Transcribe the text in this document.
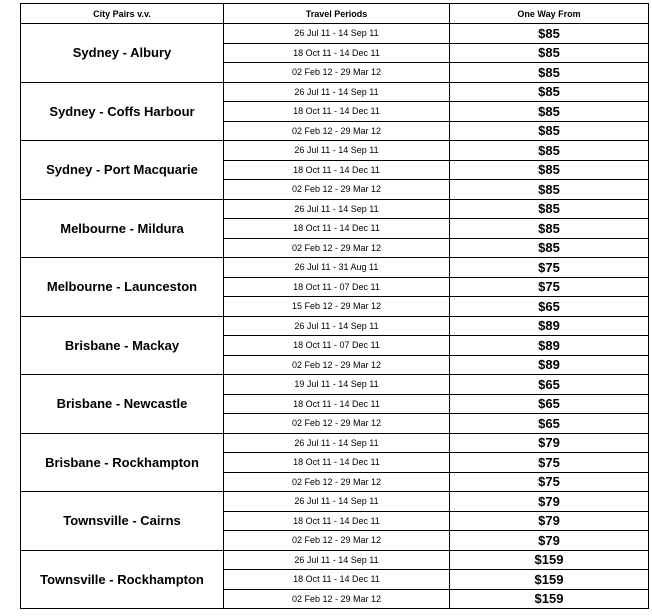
City Pairs v.v.	Travel Periods	One Way From
Sydney - Albury	26 Jul 11 - 14 Sep 11	$85
	18 Oct 11 - 14 Dec 11	$85
	02 Feb 12 - 29 Mar 12	$85
Sydney - Coffs Harbour	26 Jul 11 - 14 Sep 11	$85
	18 Oct 11 - 14 Dec 11	$85
	02 Feb 12 - 29 Mar 12	$85
Sydney - Port Macquarie	26 Jul 11 - 14 Sep 11	$85
	18 Oct 11 - 14 Dec 11	$85
	02 Feb 12 - 29 Mar 12	$85
Melbourne - Mildura	26 Jul 11 - 14 Sep 11	$85
	18 Oct 11 - 14 Dec 11	$85
	02 Feb 12 - 29 Mar 12	$85
Melbourne - Launceston	26 Jul 11 - 31 Aug 11	$75
	18 Oct 11 - 07 Dec 11	$75
	15 Feb 12 - 29 Mar 12	$65
Brisbane - Mackay	26 Jul 11 - 14 Sep 11	$89
	18 Oct 11 - 07 Dec 11	$89
	02 Feb 12 - 29 Mar 12	$89
Brisbane - Newcastle	19 Jul 11 - 14 Sep 11	$65
	18 Oct 11 - 14 Dec 11	$65
	02 Feb 12 - 29 Mar 12	$65
Brisbane - Rockhampton	26 Jul 11 - 14 Sep 11	$79
	18 Oct 11 - 14 Dec 11	$75
	02 Feb 12 - 29 Mar 12	$75
Townsville - Cairns	26 Jul 11 - 14 Sep 11	$79
	18 Oct 11 - 14 Dec 11	$79
	02 Feb 12 - 29 Mar 12	$79
Townsville - Rockhampton	26 Jul 11 - 14 Sep 11	$159
	18 Oct 11 - 14 Dec 11	$159
	02 Feb 12 - 29 Mar 12	$159
